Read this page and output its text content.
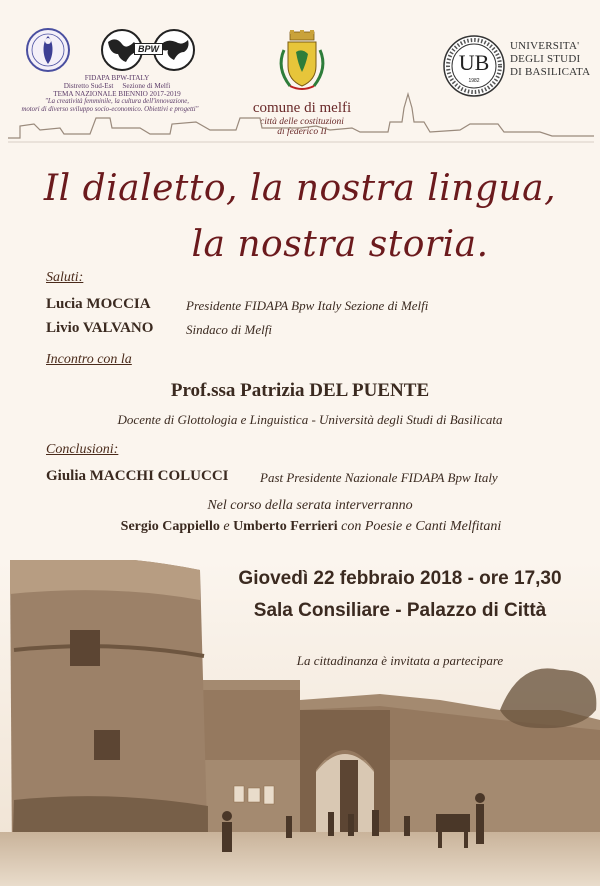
BPW
FIDAPA BPW-ITALY
Distretto Sud-Est Sezione di Melfi
TEMA NAZIONALE BIENNIO 2017-2019
"La creatività femminile, la cultura dell'innovazione,
motori di diverso sviluppo socio-economico. Obiettivi e progetti"	comune di melfi
città delle costituzioni
di federico II
UB
1982
UNIVERSITA'
DEGLI STUDI
DI BASILICATA
Il dialetto, la nostra lingua,
la nostra storia.
Saluti:
Lucia MOCCIA	Presidente FIDAPA Bpw Italy Sezione di Melfi
Livio VALVANO	Sindaco di Melfi
Incontro con la
Prof.ssa Patrizia DEL PUENTE
Docente di Glottologia e Linguistica - Università degli Studi di Basilicata
Conclusioni:
Giulia MACCHI COLUCCI Past Presidente Nazionale FIDAPA Bpw Italy
Nel corso della serata interverranno
Sergio Cappiello e Umberto Ferrieri con Poesie e Canti Melfitani
Giovedì 22 febbraio 2018 - ore 17,30
Sala Consiliare - Palazzo di Città
La cittadinanza è invitata a partecipare
